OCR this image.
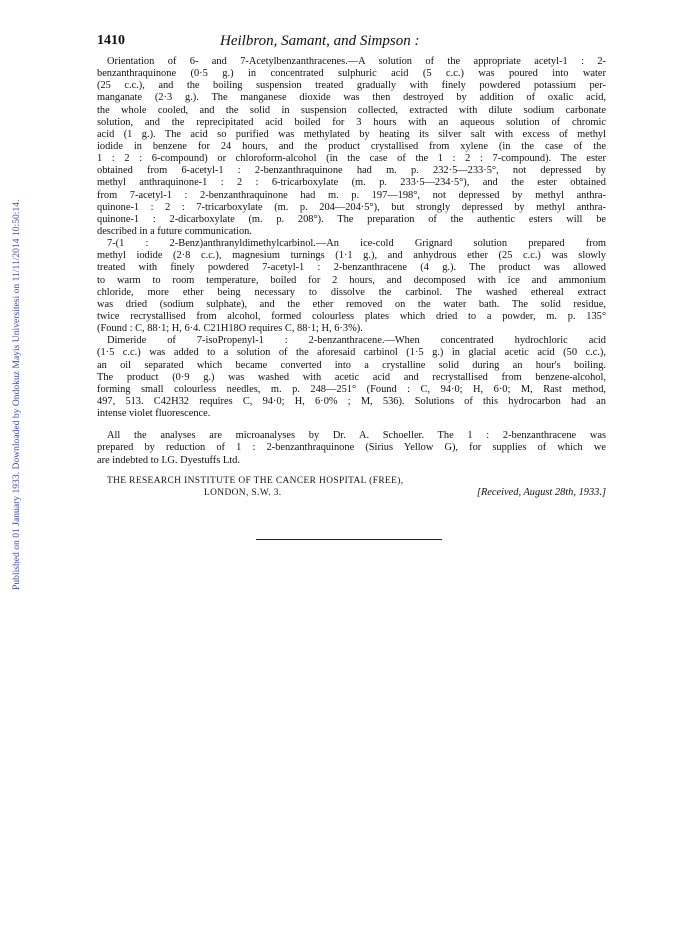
Published on 01 January 1933. Downloaded by Ondokuz Mayis Universitesi on 11/11/2014 10:50:14.
1410	Heilbron, Samant, and Simpson :
Orientation of 6- and 7-Acetylbenzanthracenes.—A solution of the appropriate acetyl-1 : 2-
benzanthraquinone (0·5 g.) in concentrated sulphuric acid (5 c.c.) was poured into water
(25 c.c.), and the boiling suspension treated gradually with finely powdered potassium per-
manganate (2·3 g.). The manganese dioxide was then destroyed by addition of oxalic acid,
the whole cooled, and the solid in suspension collected, extracted with dilute sodium carbonate
solution, and the reprecipitated acid boiled for 3 hours with an aqueous solution of chromic
acid (1 g.). The acid so purified was methylated by heating its silver salt with excess of methyl
iodide in benzene for 24 hours, and the product crystallised from xylene (in the case of the
1 : 2 : 6-compound) or chloroform-alcohol (in the case of the 1 : 2 : 7-compound). The ester
obtained from 6-acetyl-1 : 2-benzanthraquinone had m. p. 232·5—233·5°, not depressed by
methyl anthraquinone-1 : 2 : 6-tricarboxylate (m. p. 233·5—234·5°), and the ester obtained
from 7-acetyl-1 : 2-benzanthraquinone had m. p. 197—198°, not depressed by methyl anthra-
quinone-1 : 2 : 7-tricarboxylate (m. p. 204—204·5°), but strongly depressed by methyl anthra-
quinone-1 : 2-dicarboxylate (m. p. 208°). The preparation of the authentic esters will be
described in a future communication.
7-(1 : 2-Benz)anthranyldimethylcarbinol.—An ice-cold Grignard solution prepared from
methyl iodide (2·8 c.c.), magnesium turnings (1·1 g.), and anhydrous ether (25 c.c.) was slowly
treated with finely powdered 7-acetyl-1 : 2-benzanthracene (4 g.). The product was allowed
to warm to room temperature, boiled for 2 hours, and decomposed with ice and ammonium
chloride, more ether being necessary to dissolve the carbinol. The washed ethereal extract
was dried (sodium sulphate), and the ether removed on the water bath. The solid residue,
twice recrystallised from alcohol, formed colourless plates which dried to a powder, m. p. 135°
(Found : C, 88·1; H, 6·4. C21H18O requires C, 88·1; H, 6·3%).
Dimeride of 7-isoPropenyl-1 : 2-benzanthracene.—When concentrated hydrochloric acid
(1·5 c.c.) was added to a solution of the aforesaid carbinol (1·5 g.) in glacial acetic acid (50 c.c.),
an oil separated which became converted into a crystalline solid during an hour's boiling.
The product (0·9 g.) was washed with acetic acid and recrystallised from benzene-alcohol,
forming small colourless needles, m. p. 248—251° (Found : C, 94·0; H, 6·0; M, Rast method,
497, 513. C42H32 requires C, 94·0; H, 6·0% ; M, 536). Solutions of this hydrocarbon had an
intense violet fluorescence.
All the analyses are microanalyses by Dr. A. Schoeller. The 1 : 2-benzanthracene was
prepared by reduction of 1 : 2-benzanthraquinone (Sirius Yellow G), for supplies of which we
are indebted to I.G. Dyestuffs Ltd.
THE RESEARCH INSTITUTE OF THE CANCER HOSPITAL (FREE),
LONDON, S.W. 3.	[Received, August 28th, 1933.]
